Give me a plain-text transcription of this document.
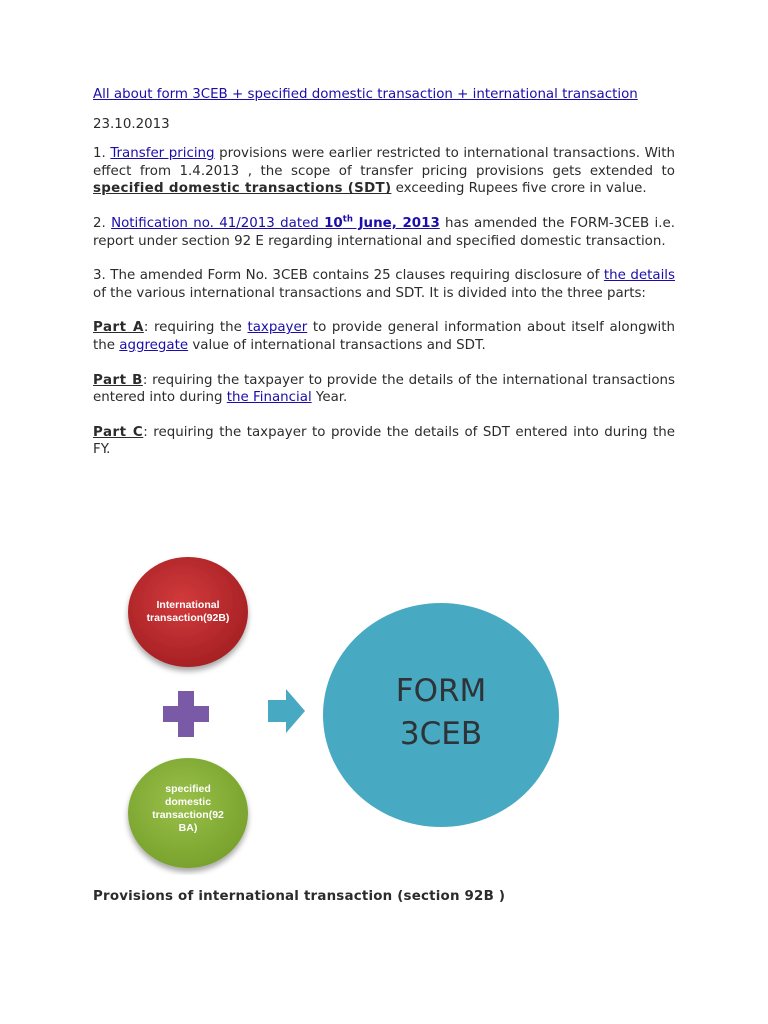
All about form 3CEB + specified domestic transaction + international transaction
23.10.2013
1. Transfer pricing provisions were earlier restricted to international transactions. With effect from 1.4.2013 , the scope of transfer pricing provisions gets extended to specified domestic transactions (SDT) exceeding Rupees five crore in value.
2. Notification no. 41/2013 dated 10th June, 2013 has amended the FORM-3CEB i.e. report under section 92 E regarding international and specified domestic transaction.
3. The amended Form No. 3CEB contains 25 clauses requiring disclosure of the details of the various international transactions and SDT. It is divided into the three parts:
Part A: requiring the taxpayer to provide general information about itself alongwith the aggregate value of international transactions and SDT.
Part B: requiring the taxpayer to provide the details of the international transactions entered into during the Financial Year.
Part C: requiring the taxpayer to provide the details of SDT entered into during the FY.
International
transaction(92B)
specified
domestic
transaction(92
BA)
FORM
3CEB
Provisions of international transaction (section 92B )
